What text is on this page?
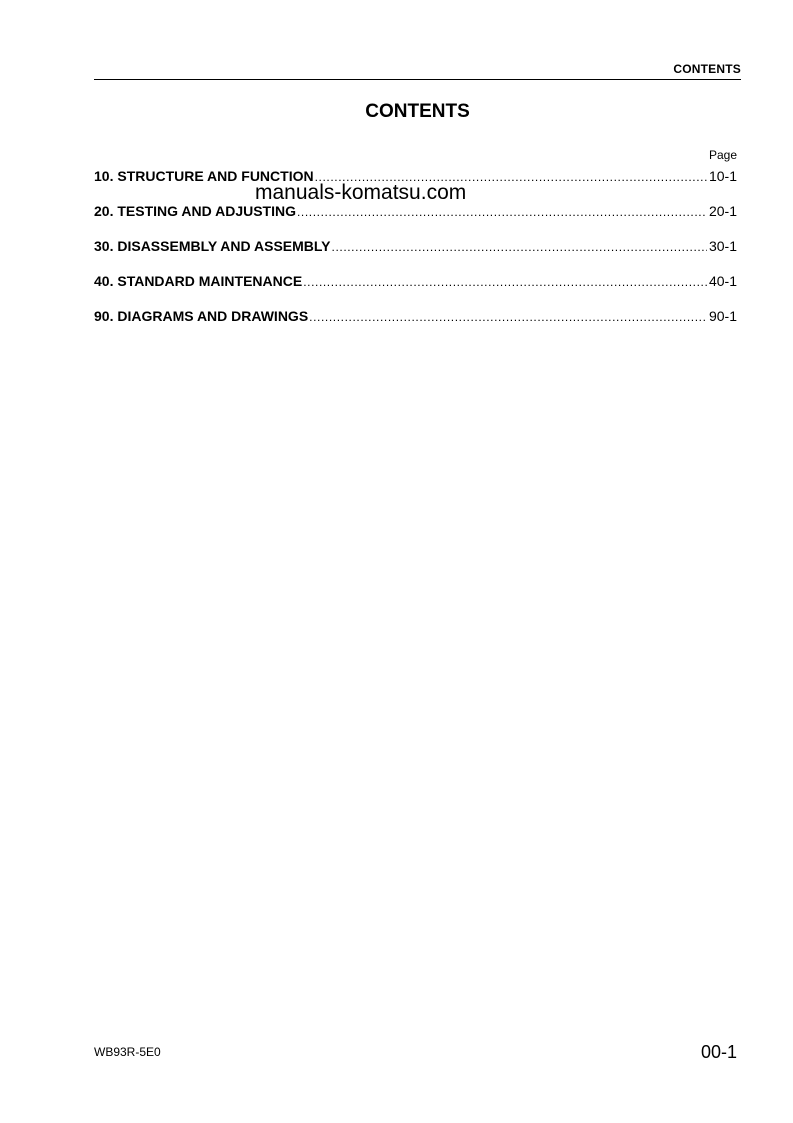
CONTENTS
CONTENTS
Page
10. STRUCTURE AND FUNCTION .....	10-1
20. TESTING AND ADJUSTING .....	20-1
30. DISASSEMBLY AND ASSEMBLY .....	30-1
40. STANDARD MAINTENANCE .....	40-1
90. DIAGRAMS AND DRAWINGS .....	90-1
manuals-komatsu.com
WB93R-5E0	00-1
